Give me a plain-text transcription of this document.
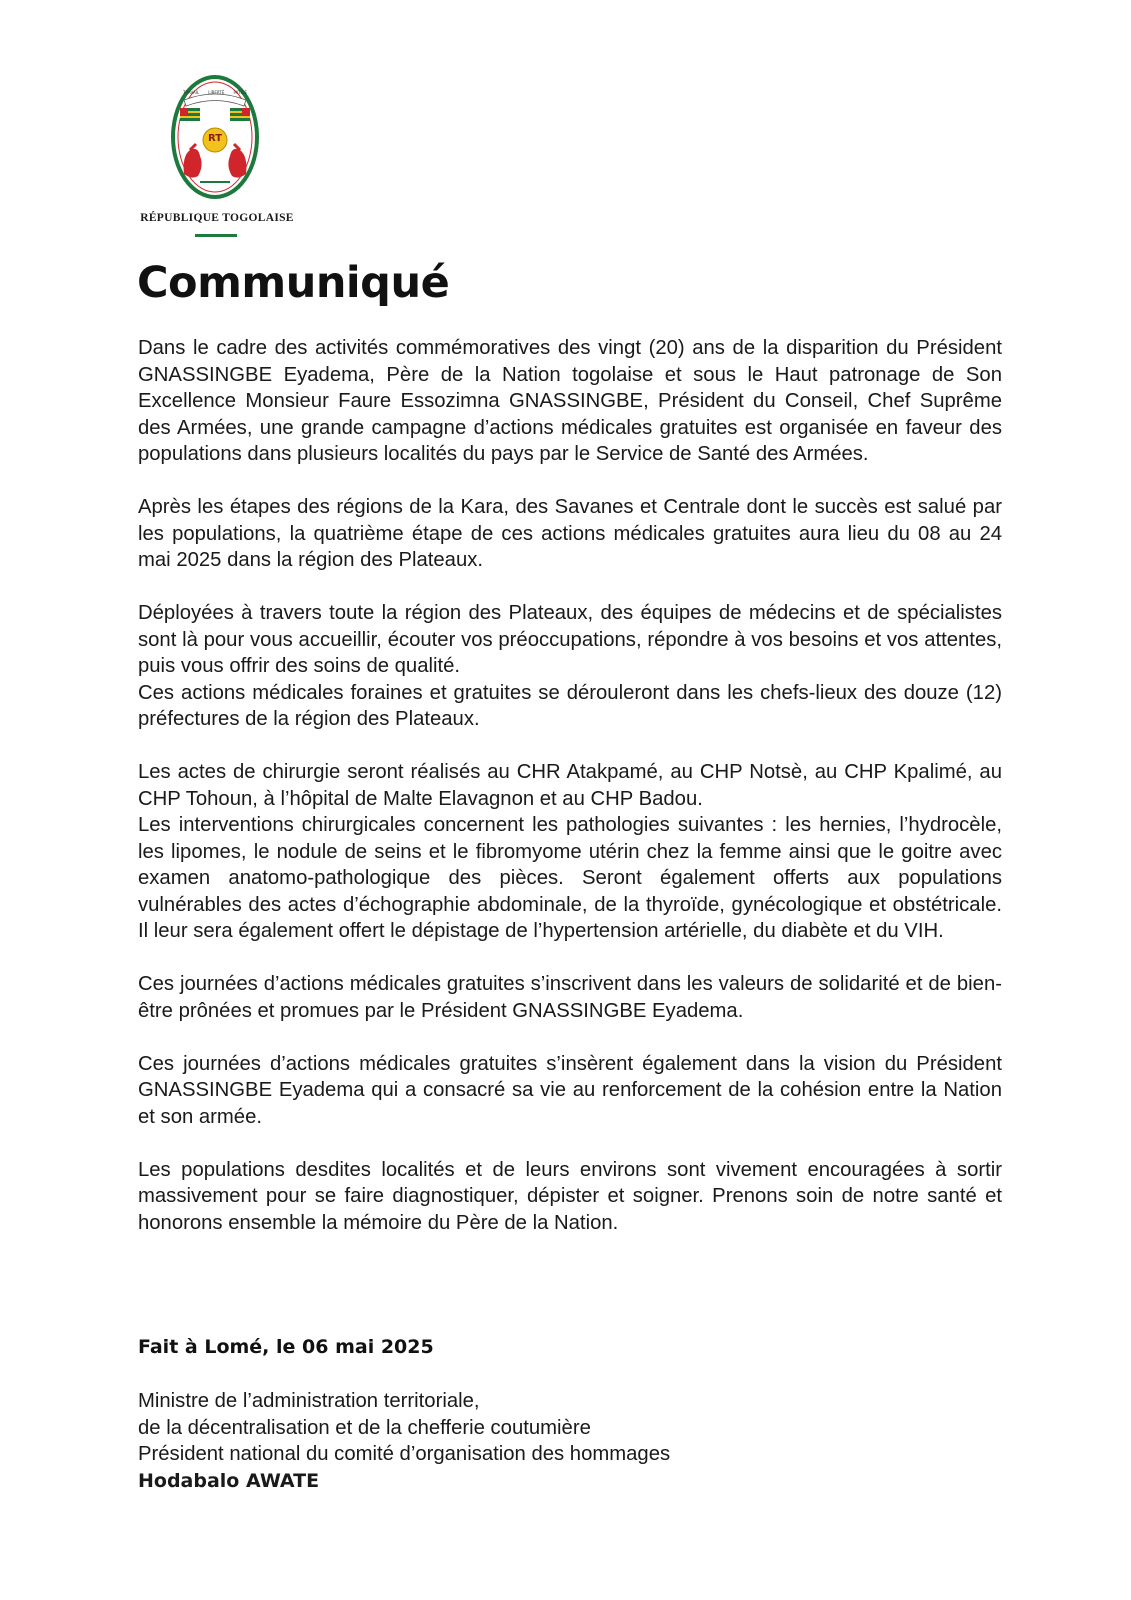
TRAVAIL LIBERTÉ PATRIE
RT
RÉPUBLIQUE TOGOLAISE
Communiqué

Dans le cadre des activités commémoratives des vingt (20) ans de la disparition du Président GNASSINGBE Eyadema, Père de la Nation togolaise et sous le Haut patronage de Son Excellence Monsieur Faure Essozimna GNASSINGBE, Président du Conseil, Chef Suprême des Armées, une grande campagne d’actions médicales gratuites est organisée en faveur des populations dans plusieurs localités du pays par le Service de Santé des Armées.

Après les étapes des régions de la Kara, des Savanes et Centrale dont le succès est salué par les populations, la quatrième étape de ces actions médicales gratuites aura lieu du 08 au 24 mai 2025 dans la région des Plateaux.

Déployées à travers toute la région des Plateaux, des équipes de médecins et de spécialistes sont là pour vous accueillir, écouter vos préoccupations, répondre à vos besoins et vos attentes, puis vous offrir des soins de qualité.

Ces actions médicales foraines et gratuites se dérouleront dans les chefs-lieux des douze (12) préfectures de la région des Plateaux.

Les actes de chirurgie seront réalisés au CHR Atakpamé, au CHP Notsè, au CHP Kpalimé, au CHP Tohoun, à l’hôpital de Malte Elavagnon et au CHP Badou.

Les interventions chirurgicales concernent les pathologies suivantes : les hernies, l’hydrocèle, les lipomes, le nodule de seins et le fibromyome utérin chez la femme ainsi que le goitre avec examen anatomo-pathologique des pièces. Seront également offerts aux populations vulnérables des actes d’échographie abdominale, de la thyroïde, gynécologique et obstétricale. Il leur sera également offert le dépistage de l’hypertension artérielle, du diabète et du VIH.

Ces journées d’actions médicales gratuites s’inscrivent dans les valeurs de solidarité et de bien-être prônées et promues par le Président GNASSINGBE Eyadema.

Ces journées d’actions médicales gratuites s’insèrent également dans la vision du Président GNASSINGBE Eyadema qui a consacré sa vie au renforcement de la cohésion entre la Nation et son armée.

Les populations desdites localités et de leurs environs sont vivement encouragées à sortir massivement pour se faire diagnostiquer, dépister et soigner. Prenons soin de notre santé et honorons ensemble la mémoire du Père de la Nation.

Fait à Lomé, le 06 mai 2025
Ministre de l’administration territoriale,
de la décentralisation et de la chefferie coutumière
Président national du comité d’organisation des hommages
Hodabalo AWATE
